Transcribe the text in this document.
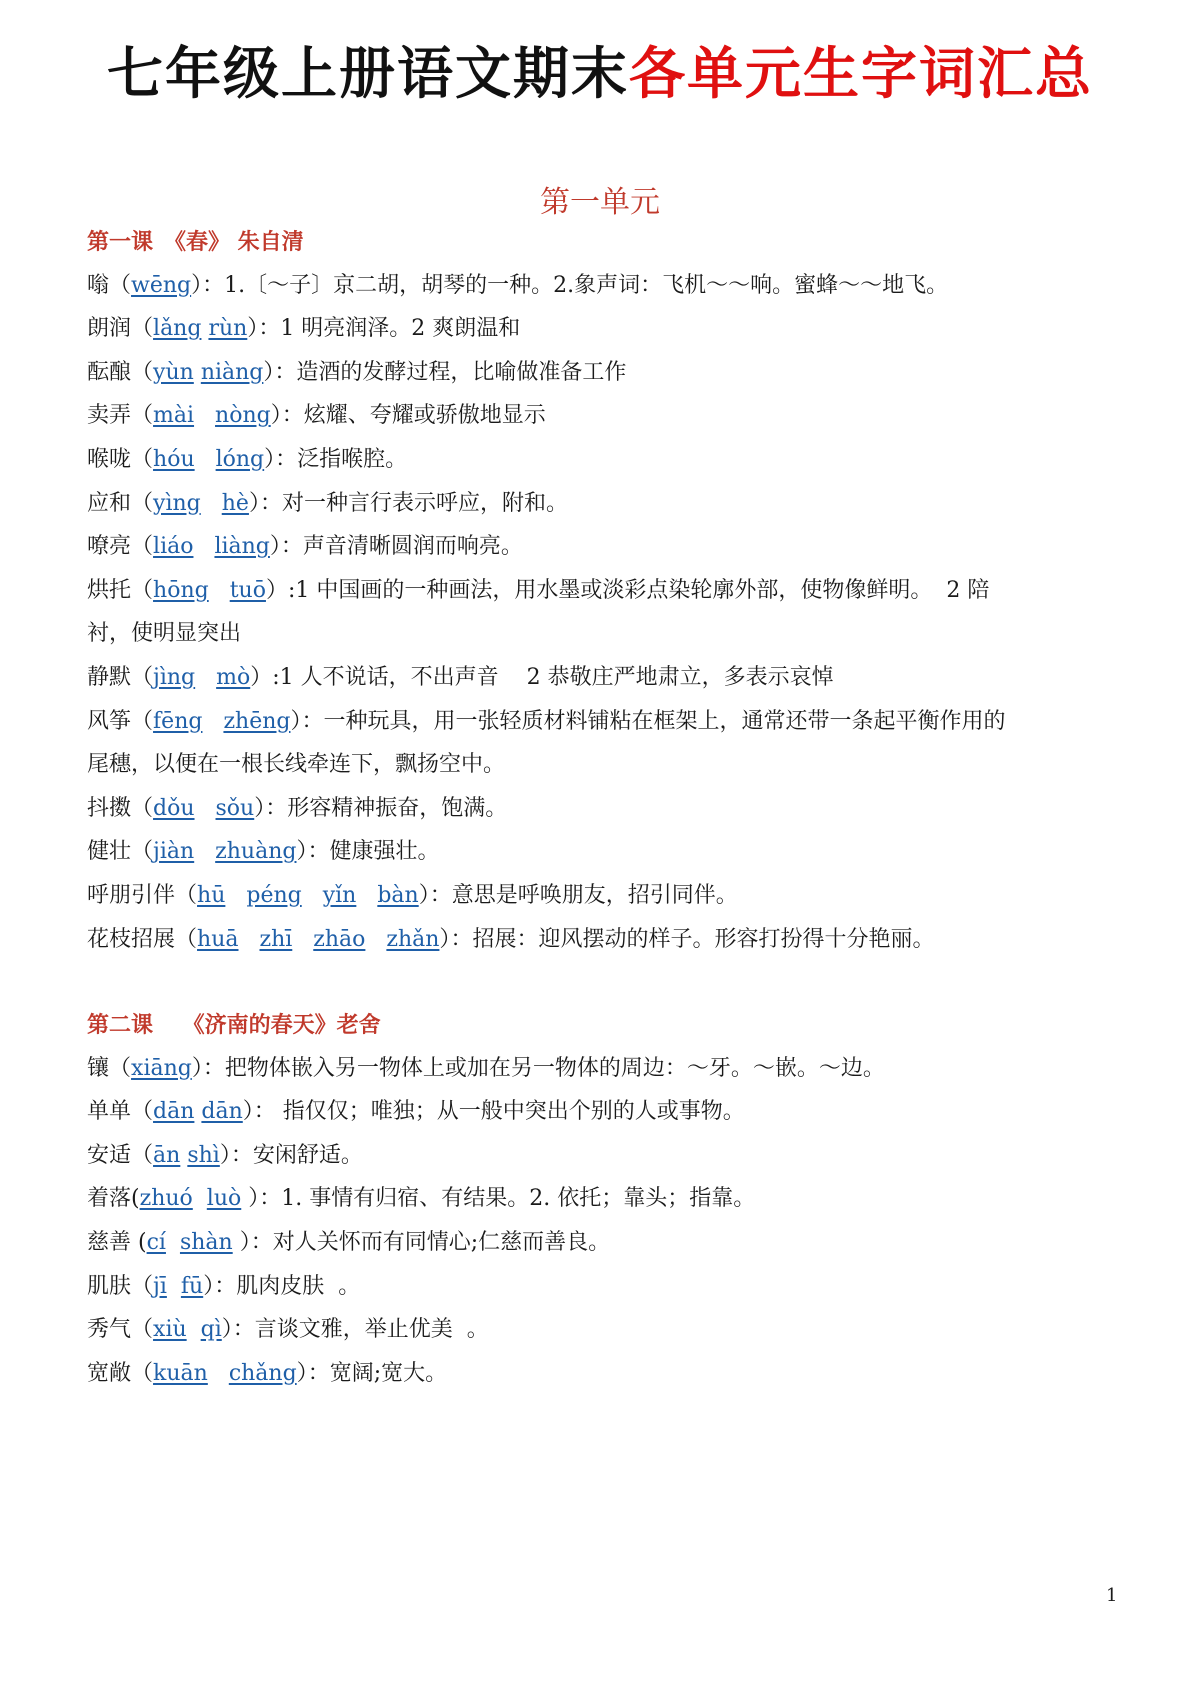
七年级上册语文期末各单元生字词汇总
第一单元
第一课　《春》 朱自清
嗡（wēng）：1.〔～子〕京二胡，胡琴的一种。2.象声词：飞机～～响。蜜蜂～～地飞。
朗润（lǎng rùn）：1 明亮润泽。2 爽朗温和
酝酿（yùn niàng）：造酒的发酵过程，比喻做准备工作
卖弄（mài nòng）：炫耀、夸耀或骄傲地显示
喉咙（hóu lóng）：泛指喉腔。
应和（yìng hè）：对一种言行表示呼应，附和。
嘹亮（liáo liàng）：声音清晰圆润而响亮。
烘托（hōng tuō）:1 中国画的一种画法，用水墨或淡彩点染轮廓外部，使物像鲜明。  2 陪
衬，使明显突出
静默（jìng mò）:1 人不说话，不出声音    2 恭敬庄严地肃立，多表示哀悼
风筝（fēng zhēng）：一种玩具，用一张轻质材料铺粘在框架上，通常还带一条起平衡作用的
尾穗，以便在一根长线牵连下，飘扬空中。
抖擞（dǒu sǒu）：形容精神振奋，饱满。
健壮（jiàn zhuàng）：健康强壮。
呼朋引伴（hū péng yǐn bàn）：意思是呼唤朋友，招引同伴。
花枝招展（huā zhī zhāo zhǎn）：招展：迎风摆动的样子。形容打扮得十分艳丽。
第二课　 《济南的春天》老舍
镶（xiāng）：把物体嵌入另一物体上或加在另一物体的周边：～牙。～嵌。～边。
单单（dān dān）： 指仅仅；唯独；从一般中突出个别的人或事物。
安适（ān shì）：安闲舒适。
着落(zhuó luò ）：1. 事情有归宿、有结果。2. 依托；靠头；指靠。
慈善 (cí shàn ）：对人关怀而有同情心;仁慈而善良。
肌肤（jī fū）：肌肉皮肤  。
秀气（xiù qì）：言谈文雅，举止优美  。
宽敞（kuān chǎng）：宽阔;宽大。
1
